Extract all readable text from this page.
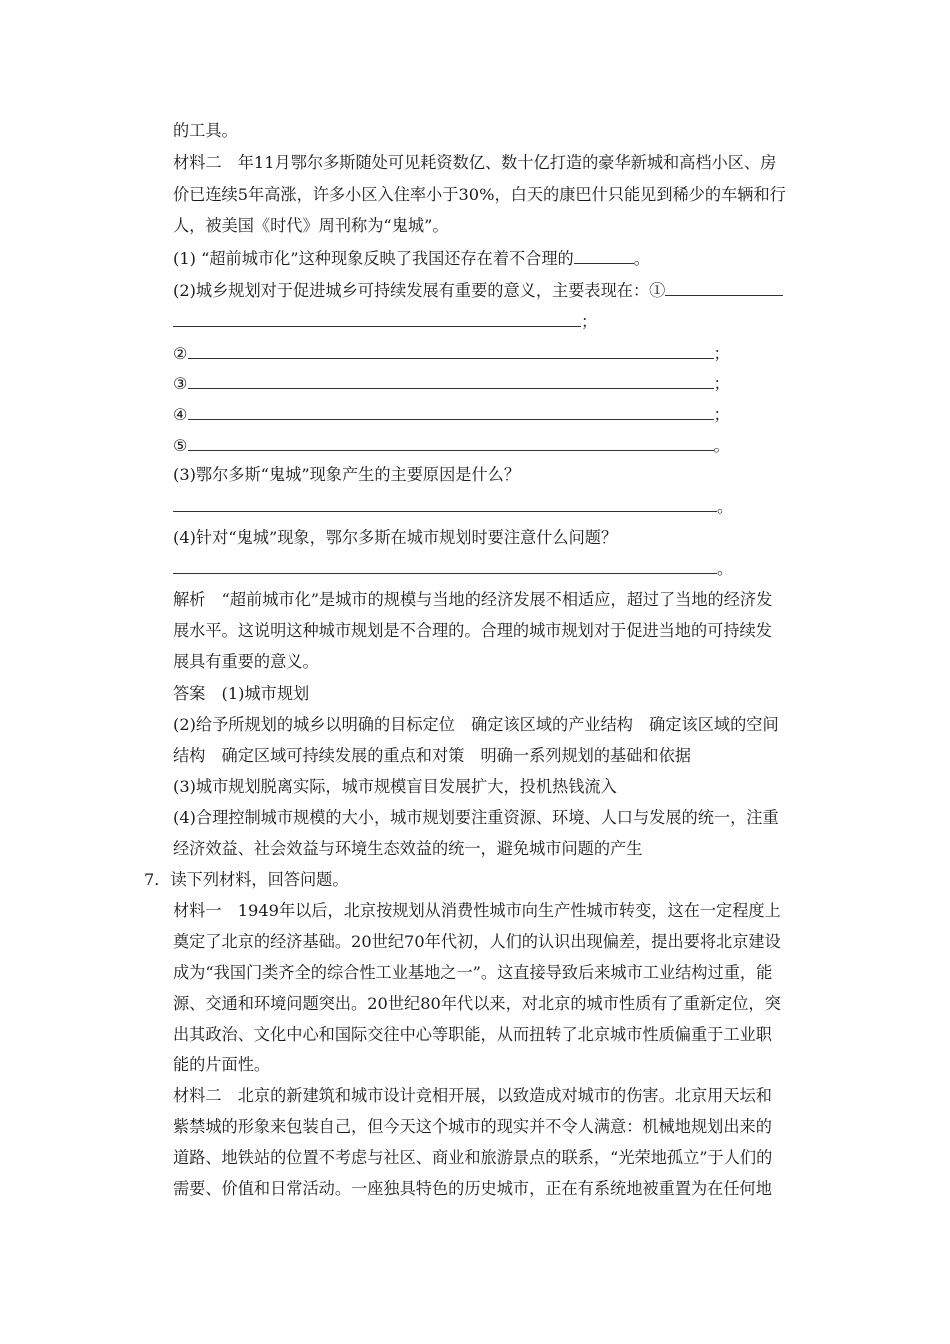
的工具。
材料二　年11月鄂尔多斯随处可见耗资数亿、数十亿打造的豪华新城和高档小区、房
价已连续5年高涨，许多小区入住率小于30%，白天的康巴什只能见到稀少的车辆和行
人，被美国《时代》周刊称为“鬼城”。
(1) “超前城市化”这种现象反映了我国还存在着不合理的	。
(2)城乡规划对于促进城乡可持续发展有重要的意义，主要表现在：①
；
②	；
③	；
④	；
⑤	。
(3)鄂尔多斯“鬼城”现象产生的主要原因是什么？
。
(4)针对“鬼城”现象，鄂尔多斯在城市规划时要注意什么问题？
。
解析　“超前城市化”是城市的规模与当地的经济发展不相适应，超过了当地的经济发
展水平。这说明这种城市规划是不合理的。合理的城市规划对于促进当地的可持续发
展具有重要的意义。
答案　(1)城市规划
(2)给予所规划的城乡以明确的目标定位　确定该区域的产业结构　确定该区域的空间
结构　确定区域可持续发展的重点和对策　明确一系列规划的基础和依据
(3)城市规划脱离实际，城市规模盲目发展扩大，投机热钱流入
(4)合理控制城市规模的大小，城市规划要注重资源、环境、人口与发展的统一，注重
经济效益、社会效益与环境生态效益的统一，避免城市问题的产生
7．读下列材料，回答问题。
材料一　1949年以后，北京按规划从消费性城市向生产性城市转变，这在一定程度上
奠定了北京的经济基础。20世纪70年代初，人们的认识出现偏差，提出要将北京建设
成为“我国门类齐全的综合性工业基地之一”。这直接导致后来城市工业结构过重，能
源、交通和环境问题突出。20世纪80年代以来，对北京的城市性质有了重新定位，突
出其政治、文化中心和国际交往中心等职能，从而扭转了北京城市性质偏重于工业职
能的片面性。
材料二　北京的新建筑和城市设计竞相开展，以致造成对城市的伤害。北京用天坛和
紫禁城的形象来包装自己，但今天这个城市的现实并不令人满意：机械地规划出来的
道路、地铁站的位置不考虑与社区、商业和旅游景点的联系，“光荣地孤立”于人们的
需要、价值和日常活动。一座独具特色的历史城市，正在有系统地被重置为在任何地
